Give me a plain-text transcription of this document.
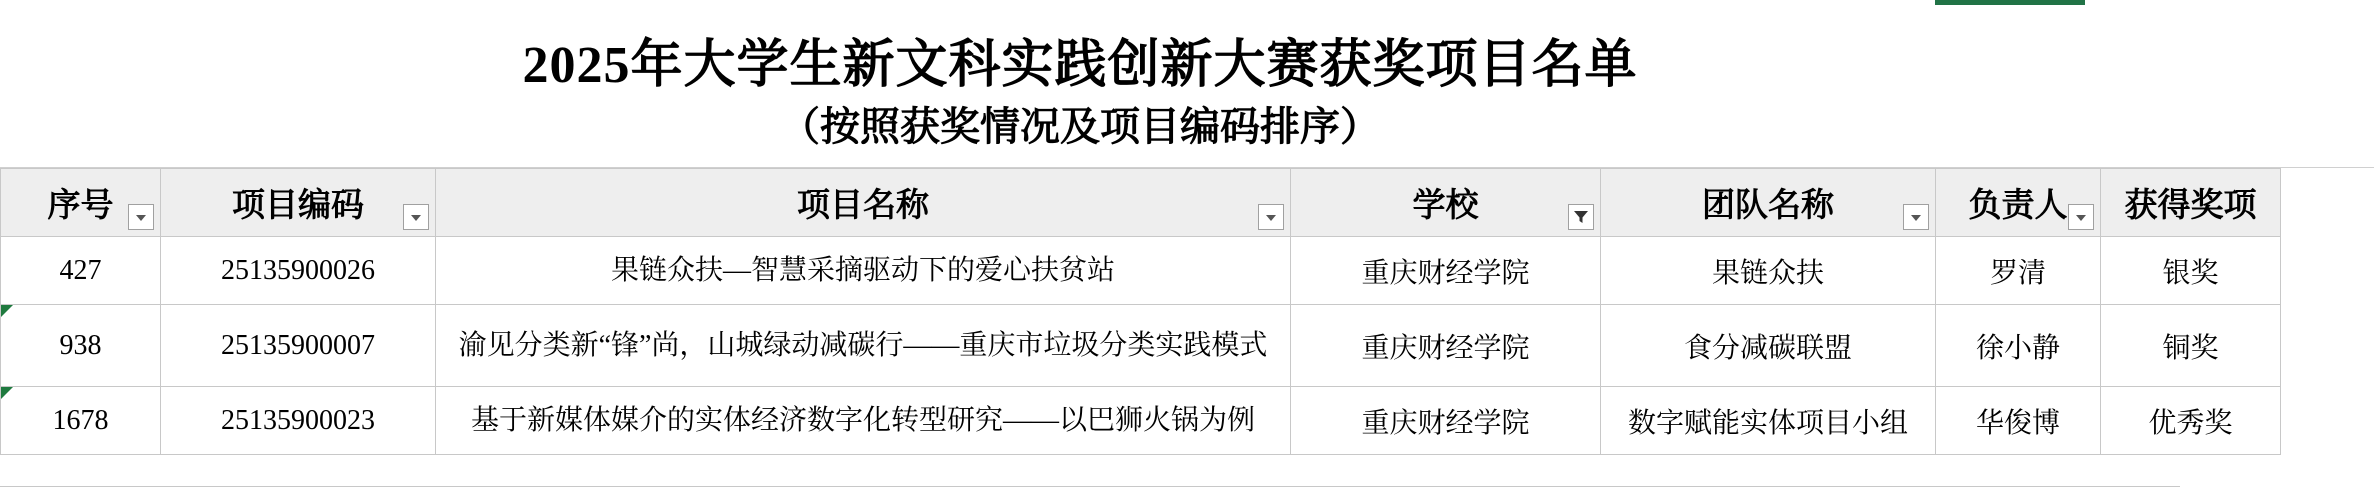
2025年大学生新文科实践创新大赛获奖项目名单
（按照获奖情况及项目编码排序）
序号	项目编码	项目名称	学校	团队名称	负责人	获得奖项
427	25135900026	果链众扶—智慧采摘驱动下的爱心扶贫站	重庆财经学院	果链众扶	罗清	银奖

938	25135900007	渝见分类新“锋”尚，山城绿动减碳行——重庆市垃圾分类实践模式	重庆财经学院	食分减碳联盟	徐小静	铜奖

1678	25135900023	基于新媒体媒介的实体经济数字化转型研究——以巴狮火锅为例	重庆财经学院	数字赋能实体项目小组	华俊博	优秀奖
